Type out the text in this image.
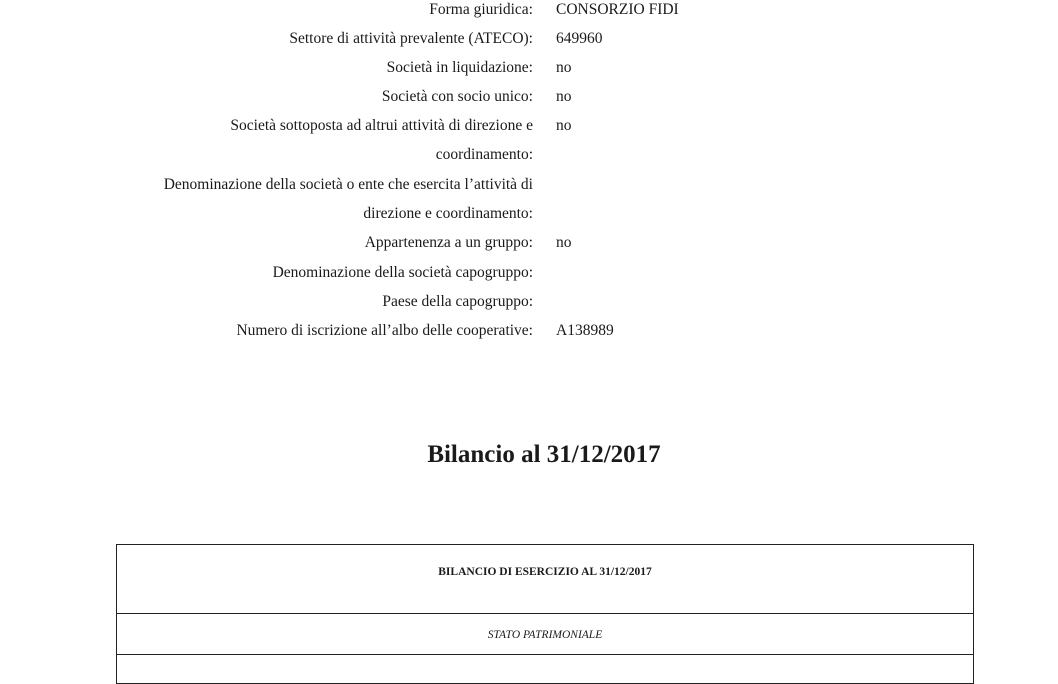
Forma giuridica: CONSORZIO FIDI
Settore di attività prevalente (ATECO): 649960
Società in liquidazione: no
Società con socio unico: no
Società sottoposta ad altrui attività di direzione e no
coordinamento:
Denominazione della società o ente che esercita l’attività di
direzione e coordinamento:
Appartenenza a un gruppo: no
Denominazione della società capogruppo:
Paese della capogruppo:
Numero di iscrizione all’albo delle cooperative: A138989
Bilancio al 31/12/2017
BILANCIO DI ESERCIZIO AL 31/12/2017
STATO PATRIMONIALE
